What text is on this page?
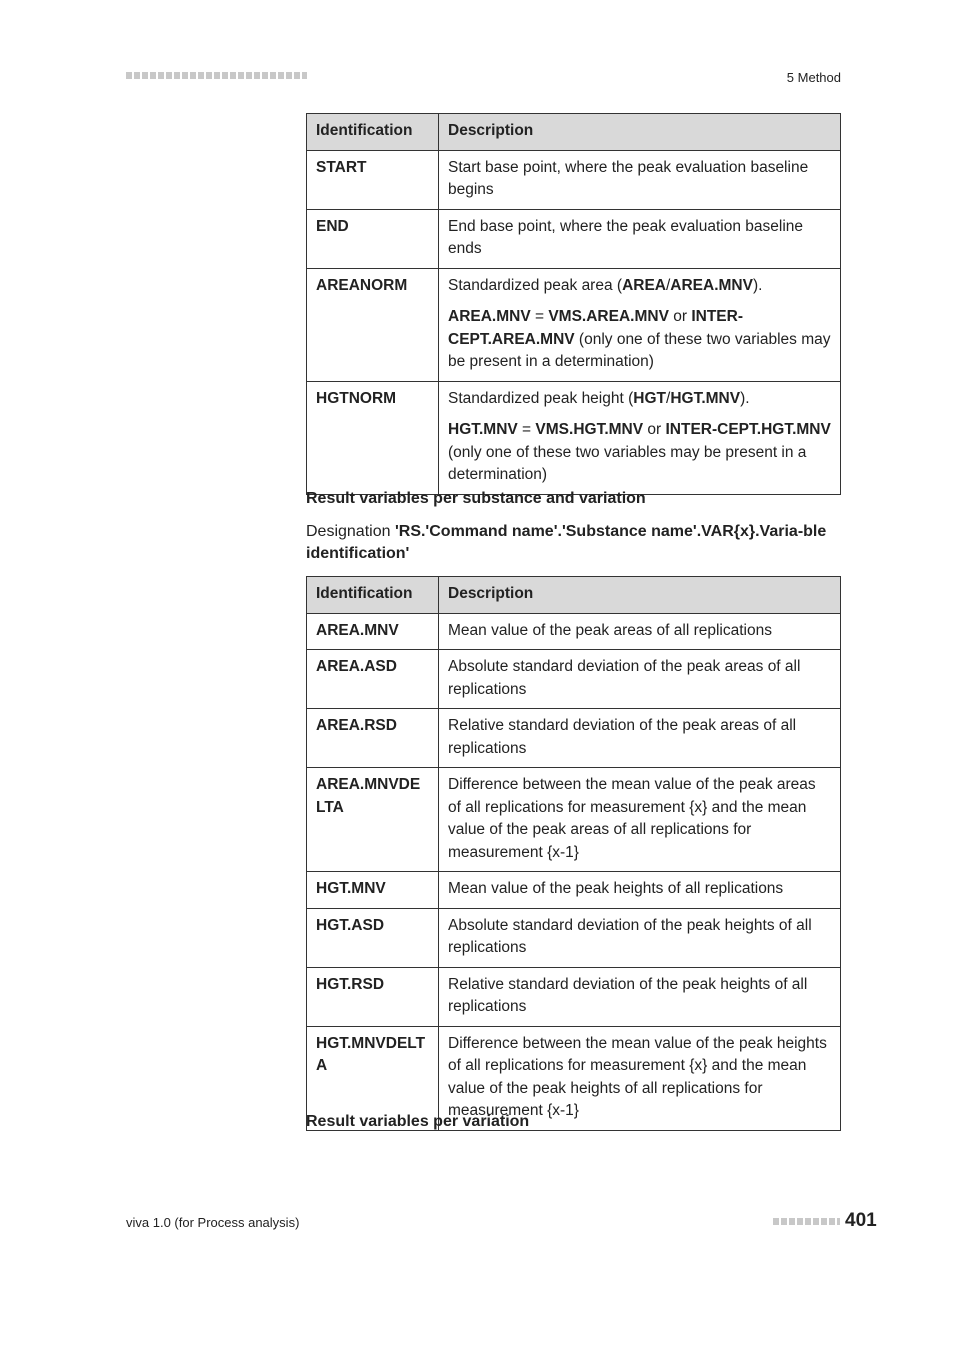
5 Method
Identification	Description
START	Start base point, where the peak evaluation baseline begins

END	End base point, where the peak evaluation baseline ends

AREANORM	Standardized peak area (AREA/AREA.MNV).

AREA.MNV = VMS.AREA.MNV or INTER-CEPT.AREA.MNV (only one of these two variables may be present in a determination)

HGTNORM	Standardized peak height (HGT/HGT.MNV).

HGT.MNV = VMS.HGT.MNV or INTER-CEPT.HGT.MNV (only one of these two variables may be present in a determination)

Result variables per substance and variation

Designation 'RS.'Command name'.'Substance name'.VAR{x}.Varia-ble identification'

Identification	Description
AREA.MNV	Mean value of the peak areas of all replications
AREA.ASD	Absolute standard deviation of the peak areas of all replications
AREA.RSD	Relative standard deviation of the peak areas of all replications
AREA.MNVDELTA	Difference between the mean value of the peak areas of all replications for measurement {x} and the mean value of the peak areas of all replications for measurement {x-1}
HGT.MNV	Mean value of the peak heights of all replications
HGT.ASD	Absolute standard deviation of the peak heights of all replications
HGT.RSD	Relative standard deviation of the peak heights of all replications
HGT.MNVDELTA	Difference between the mean value of the peak heights of all replications for measurement {x} and the mean value of the peak heights of all replications for measurement {x-1}

Result variables per variation

viva 1.0 (for Process analysis)	401
